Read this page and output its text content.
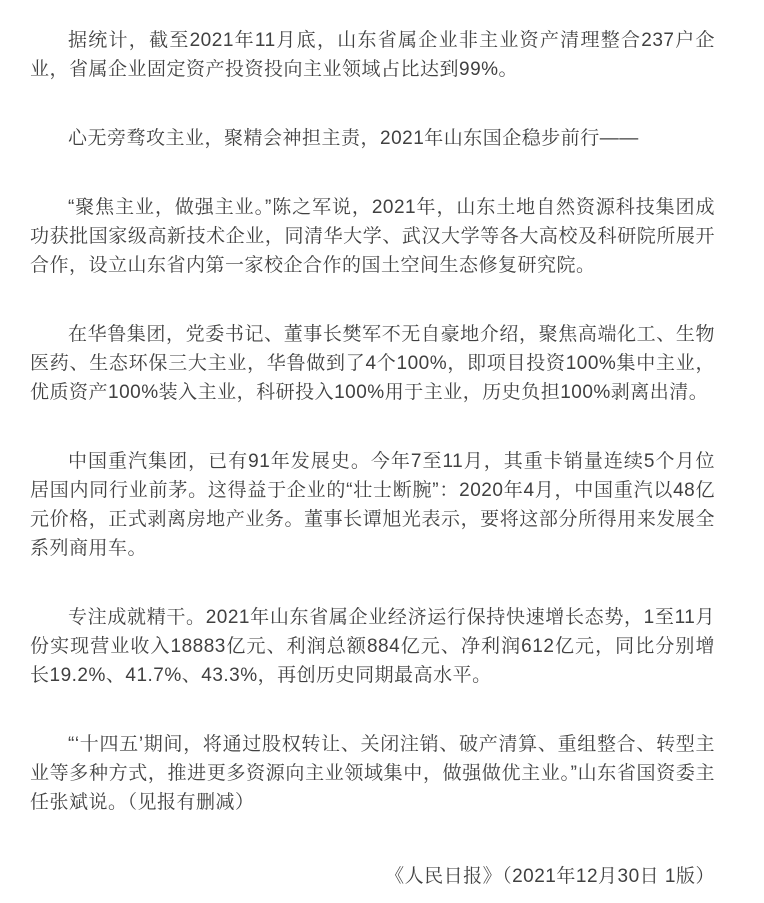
据统计，截至2021年11月底，山东省属企业非主业资产清理整合237户企业，省属企业固定资产投资投向主业领域占比达到99%。

心无旁骛攻主业，聚精会神担主责，2021年山东国企稳步前行——

“聚焦主业，做强主业。”陈之军说，2021年，山东土地自然资源科技集团成功获批国家级高新技术企业，同清华大学、武汉大学等各大高校及科研院所展开合作，设立山东省内第一家校企合作的国土空间生态修复研究院。

在华鲁集团，党委书记、董事长樊军不无自豪地介绍，聚焦高端化工、生物医药、生态环保三大主业，华鲁做到了4个100%，即项目投资100%集中主业，优质资产100%装入主业，科研投入100%用于主业，历史负担100%剥离出清。

中国重汽集团，已有91年发展史。今年7至11月，其重卡销量连续5个月位居国内同行业前茅。这得益于企业的“壮士断腕”：2020年4月，中国重汽以48亿元价格，正式剥离房地产业务。董事长谭旭光表示，要将这部分所得用来发展全系列商用车。

专注成就精干。2021年山东省属企业经济运行保持快速增长态势，1至11月份实现营业收入18883亿元、利润总额884亿元、净利润612亿元，同比分别增长19.2%、41.7%、43.3%，再创历史同期最高水平。

“‘十四五’期间，将通过股权转让、关闭注销、破产清算、重组整合、转型主业等多种方式，推进更多资源向主业领域集中，做强做优主业。”山东省国资委主任张斌说。（见报有删减）

《人民日报》（2021年12月30日 1版）
